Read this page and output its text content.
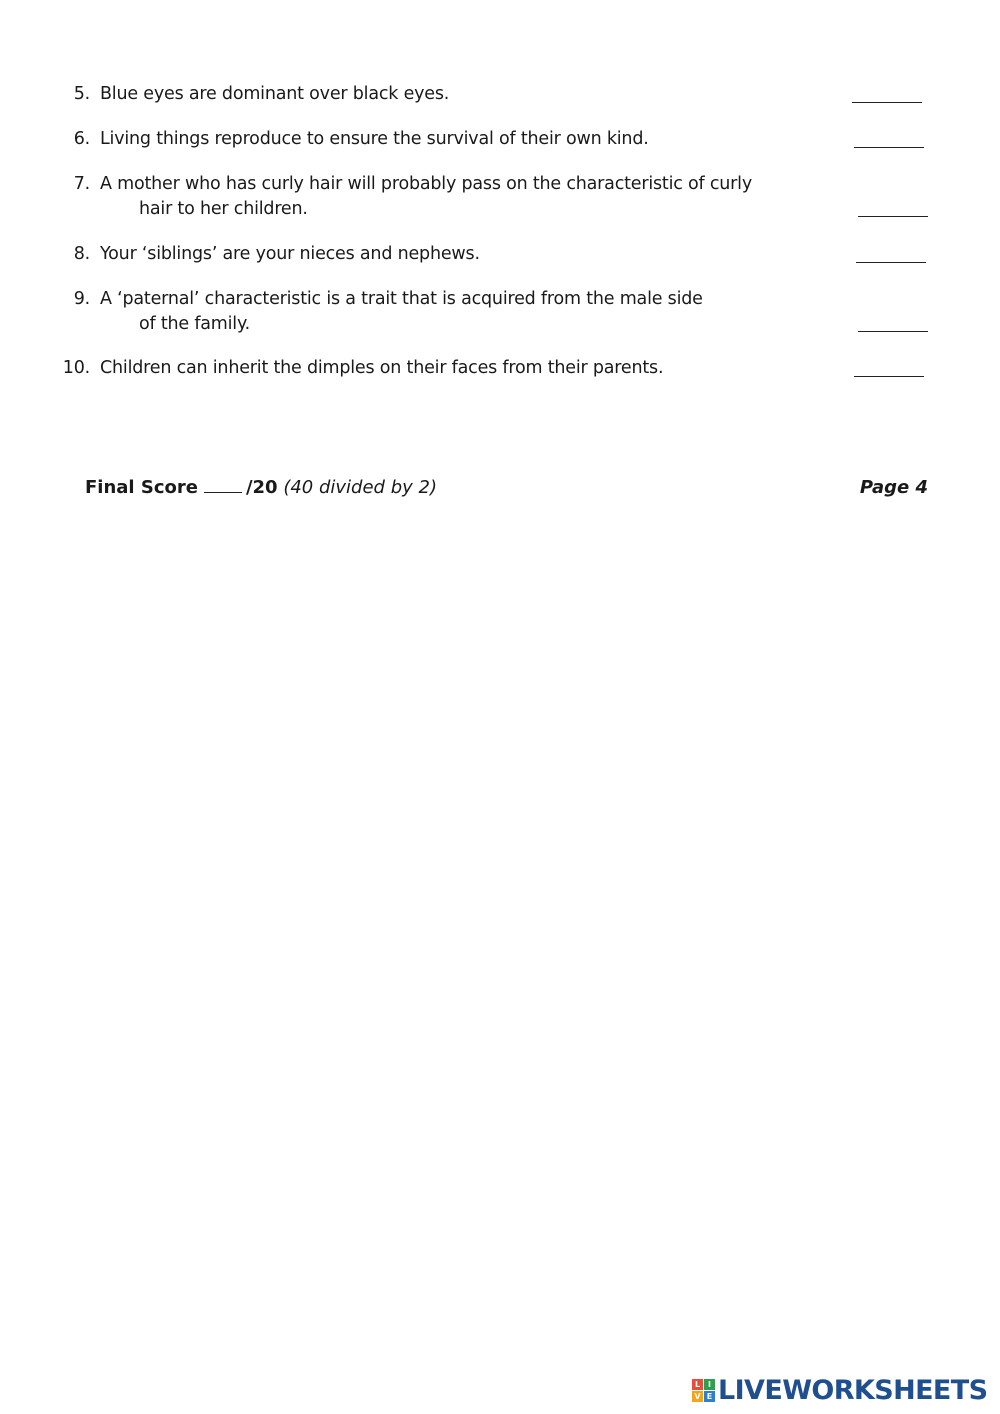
5. Blue eyes are dominant over black eyes.
6. Living things reproduce to ensure the survival of their own kind.
7. A mother who has curly hair will probably pass on the characteristic of curly
hair to her children.
8. Your ‘siblings’ are your nieces and nephews.
9. A ‘paternal’ characteristic is a trait that is acquired from the male side
of the family.
10. Children can inherit the dimples on their faces from their parents.
Final Score	/20 (40 divided by 2)	Page 4
L I
V E LIVEWORKSHEETS
